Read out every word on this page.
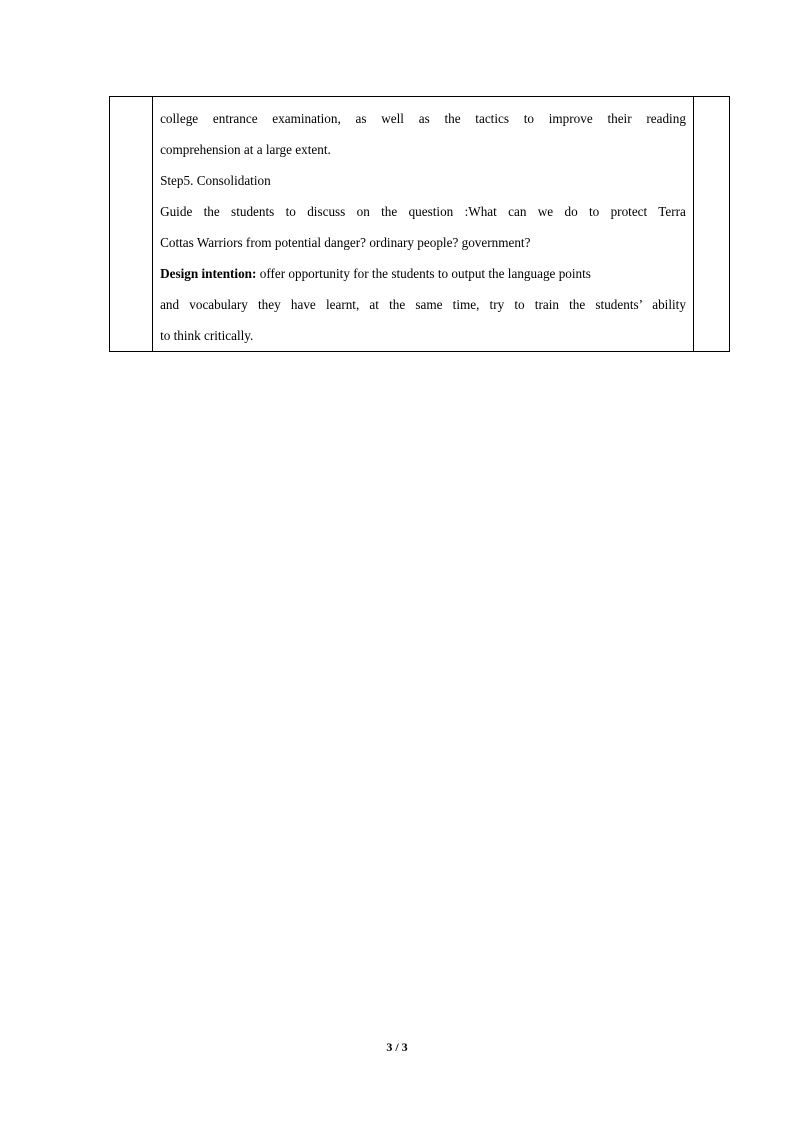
college entrance examination, as well as the tactics to improve their reading
comprehension at a large extent.
Step5. Consolidation
Guide the students to discuss on the question :What can we do to protect Terra
Cottas Warriors from potential danger? ordinary people? government?
Design intention: offer opportunity for the students to output the language points
and vocabulary they have learnt, at the same time, try to train the students’ ability
to think critically.

3 / 3
